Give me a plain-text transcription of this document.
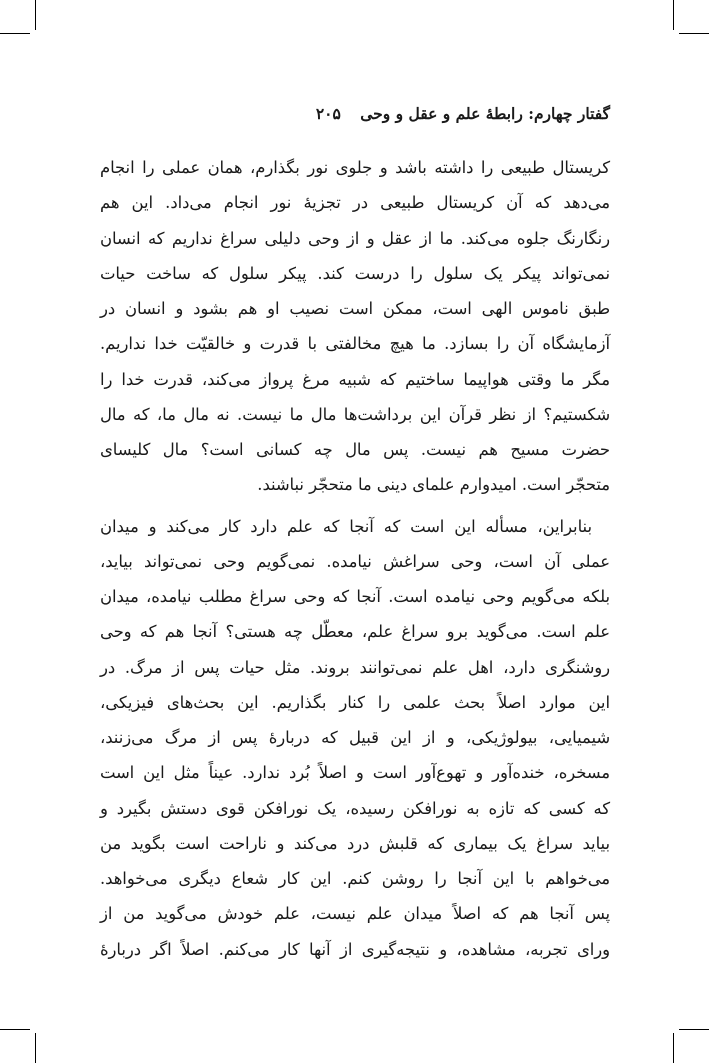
گفتار چهارم: رابطهٔ علم و عقل و وحی ۲۰۵
کریستال طبیعی را داشته باشد و جلوی نور بگذارم، همان عملی را انجام
می‌دهد که آن کریستال طبیعی در تجزیهٔ نور انجام می‌داد. این هم
رنگارنگ جلوه می‌کند. ما از عقل و از وحی دلیلی سراغ نداریم که انسان
نمی‌تواند پیکر یک سلول را درست کند. پیکر سلول که ساخت حیات
طبق ناموس الهی است، ممکن است نصیب او هم بشود و انسان در
آزمایشگاه آن را بسازد. ما هیچ مخالفتی با قدرت و خالقیّت خدا نداریم.
مگر ما وقتی هواپیما ساختیم که شبیه مرغ پرواز می‌کند، قدرت خدا را
شکستیم؟ از نظر قرآن این برداشت‌ها مال ما نیست. نه مال ما، که مال
حضرت مسیح هم نیست. پس مال چه کسانی است؟ مال کلیسای
متحجّر است. امیدوارم علمای دینی ما متحجّر نباشند.
بنابراین، مسأله این است که آنجا که علم دارد کار می‌کند و میدان
عملی آن است، وحی سراغش نیامده. نمی‌گویم وحی نمی‌تواند بیاید،
بلکه می‌گویم وحی نیامده است. آنجا که وحی سراغ مطلب نیامده، میدان
علم است. می‌گوید برو سراغ علم، معطّل چه هستی؟ آنجا هم که وحی
روشنگری دارد، اهل علم نمی‌توانند بروند. مثل حیات پس از مرگ. در
این موارد اصلاً بحث علمی را کنار بگذاریم. این بحث‌های فیزیکی،
شیمیایی، بیولوژیکی، و از این قبیل که دربارهٔ پس از مرگ می‌زنند،
مسخره، خنده‌آور و تهوع‌آور است و اصلاً بُرد ندارد. عیناً مثل این است
که کسی که تازه به نورافکن رسیده، یک نورافکن قوی دستش بگیرد و
بیاید سراغ یک بیماری که قلبش درد می‌کند و ناراحت است بگوید من
می‌خواهم با این آنجا را روشن کنم. این کار شعاع دیگری می‌خواهد.
پس آنجا هم که اصلاً میدان علم نیست، علم خودش می‌گوید من از
ورای تجربه، مشاهده، و نتیجه‌گیری از آنها کار می‌کنم. اصلاً اگر دربارهٔ
